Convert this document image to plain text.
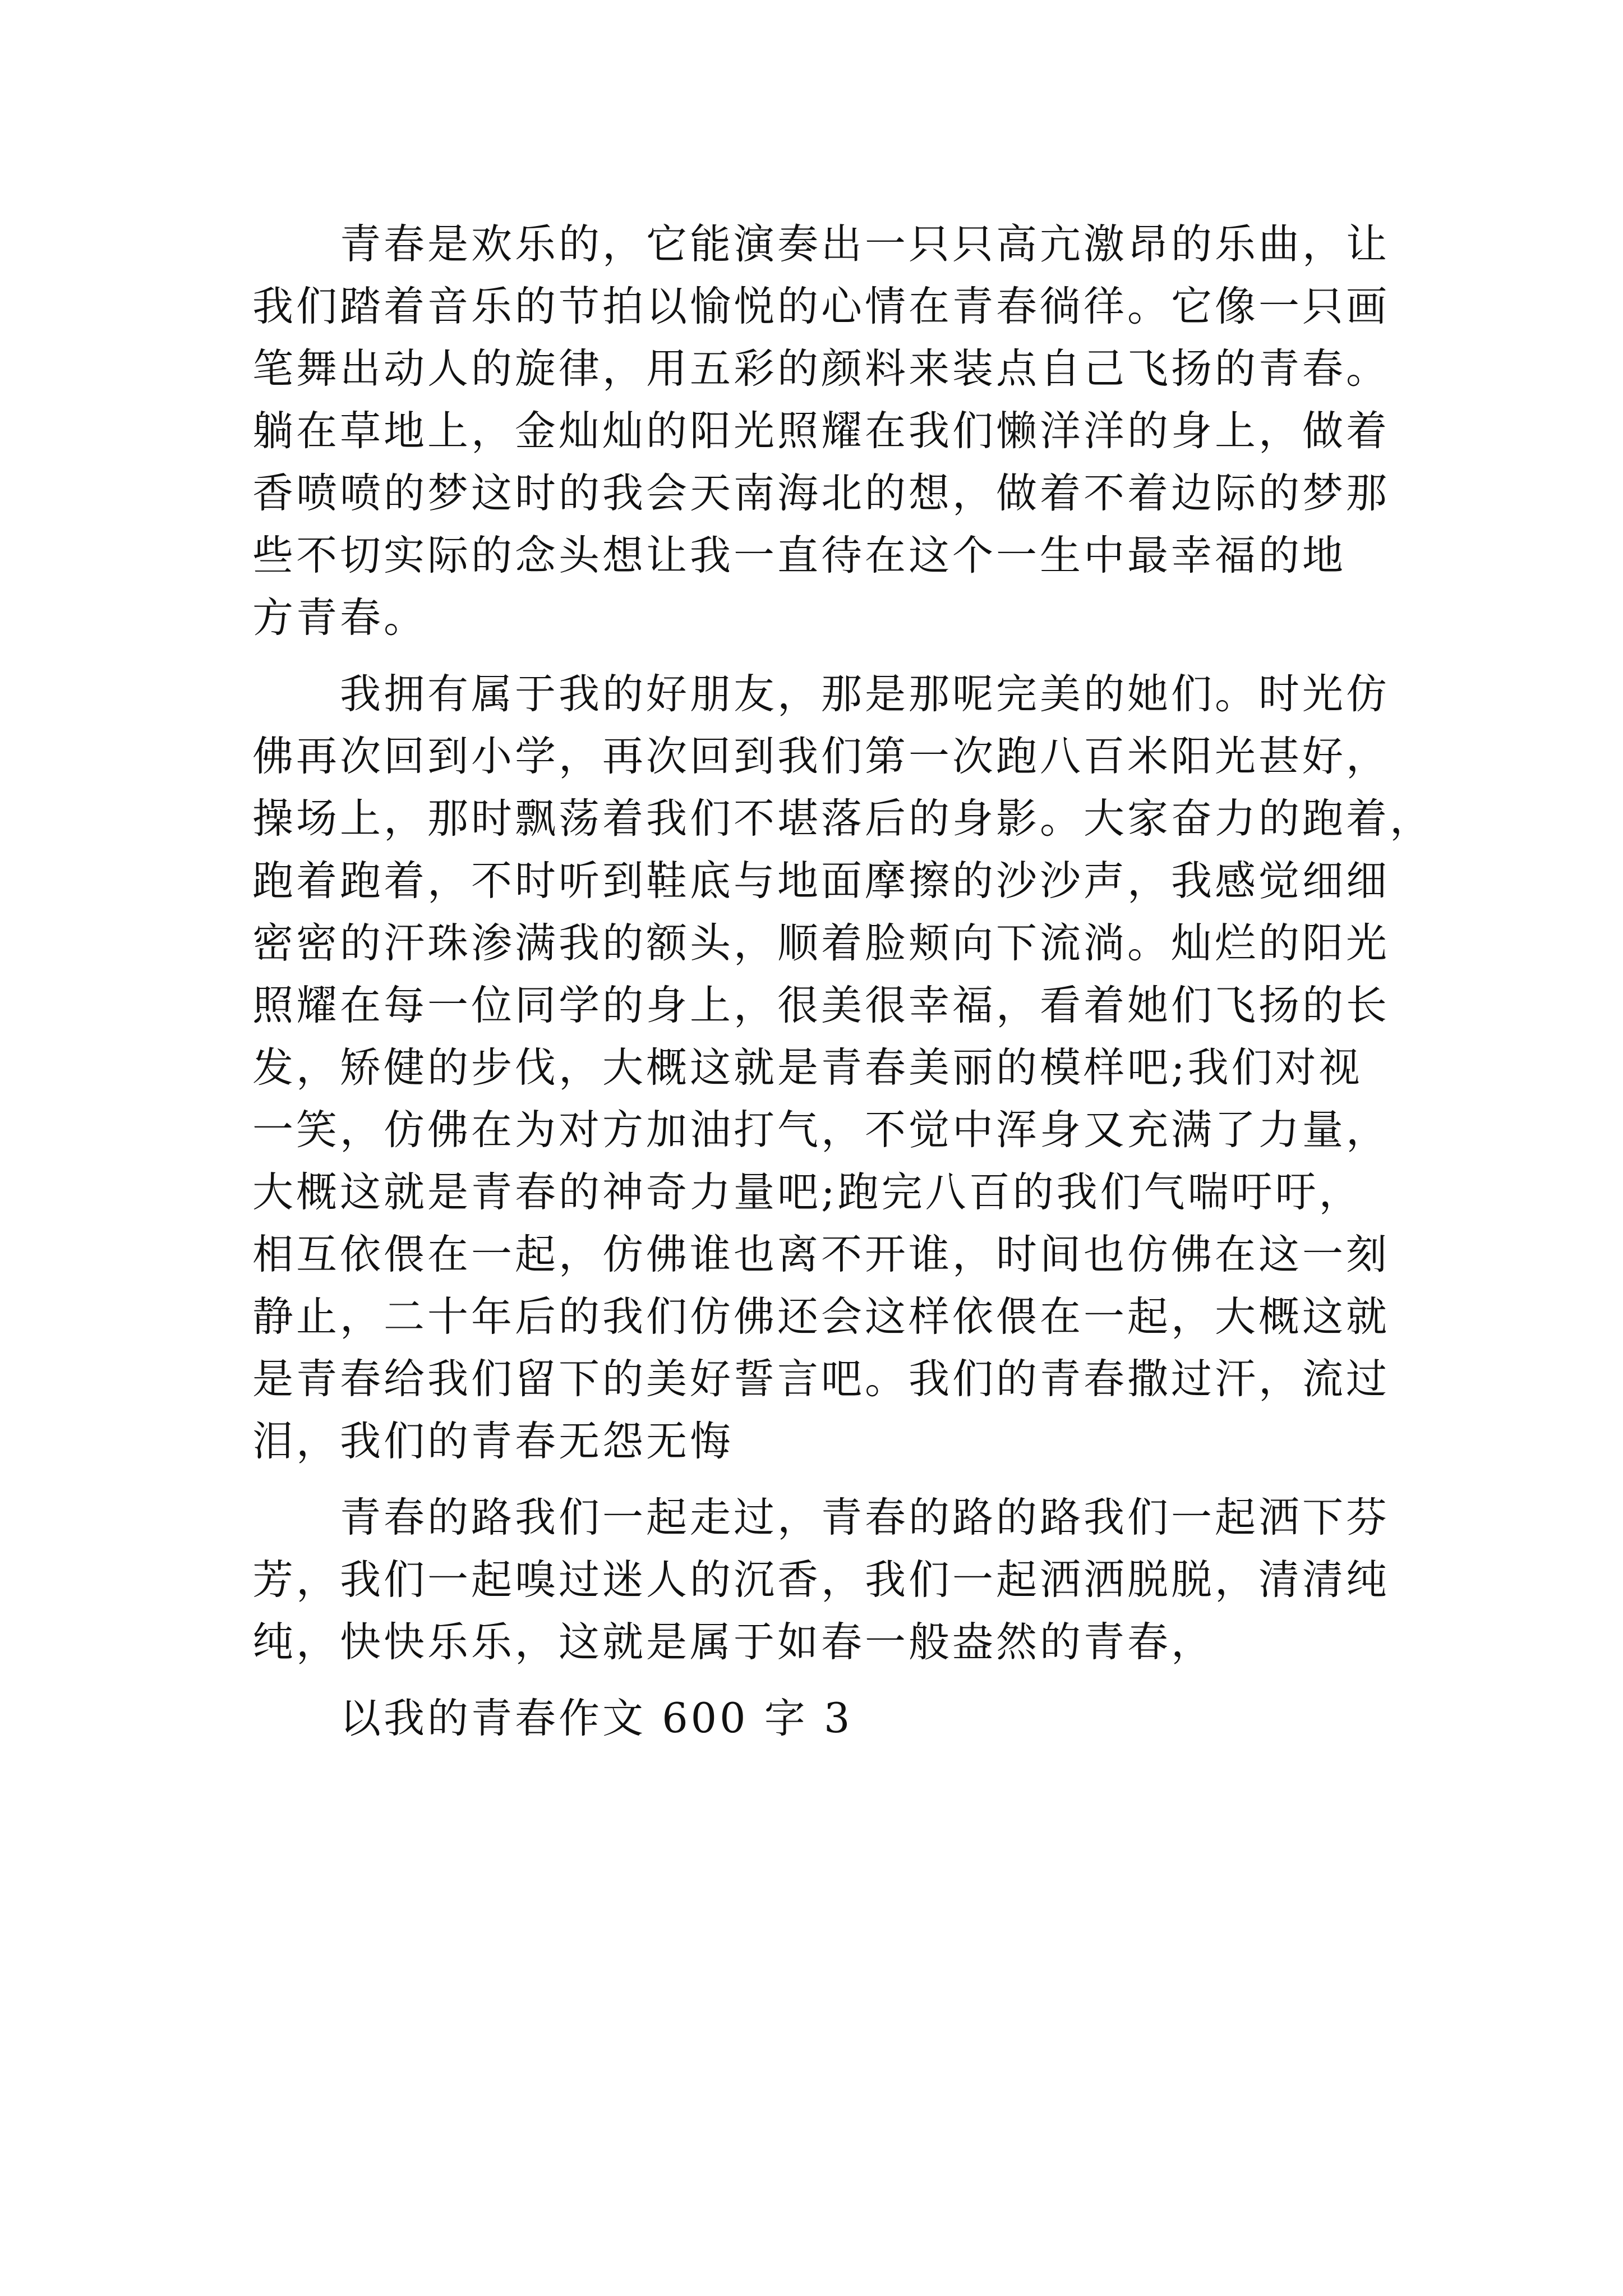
　　青春是欢乐的，它能演奏出一只只高亢激昂的乐曲，让
我们踏着音乐的节拍以愉悦的心情在青春徜徉。它像一只画
笔舞出动人的旋律，用五彩的颜料来装点自己飞扬的青春。
躺在草地上，金灿灿的阳光照耀在我们懒洋洋的身上，做着
香喷喷的梦这时的我会天南海北的想，做着不着边际的梦那
些不切实际的念头想让我一直待在这个一生中最幸福的地
方青春。
　　我拥有属于我的好朋友，那是那呢完美的她们。时光仿
佛再次回到小学，再次回到我们第一次跑八百米阳光甚好，
操场上，那时飘荡着我们不堪落后的身影。大家奋力的跑着，
跑着跑着，不时听到鞋底与地面摩擦的沙沙声，我感觉细细
密密的汗珠渗满我的额头，顺着脸颊向下流淌。灿烂的阳光
照耀在每一位同学的身上，很美很幸福，看着她们飞扬的长
发，矫健的步伐，大概这就是青春美丽的模样吧;我们对视
一笑，仿佛在为对方加油打气，不觉中浑身又充满了力量，
大概这就是青春的神奇力量吧;跑完八百的我们气喘吁吁，
相互依偎在一起，仿佛谁也离不开谁，时间也仿佛在这一刻
静止，二十年后的我们仿佛还会这样依偎在一起，大概这就
是青春给我们留下的美好誓言吧。我们的青春撒过汗，流过
泪，我们的青春无怨无悔
　　青春的路我们一起走过，青春的路的路我们一起洒下芬
芳，我们一起嗅过迷人的沉香，我们一起洒洒脱脱，清清纯
纯，快快乐乐，这就是属于如春一般盎然的青春，
　　以我的青春作文 600 字 3
